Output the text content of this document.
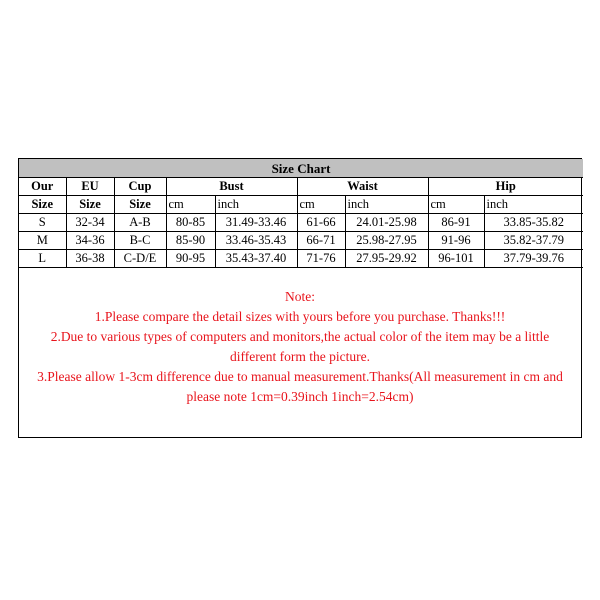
Size Chart								
Our	EU	Cup	Bust		Waist		Hip	
Size	Size	Size	cm	inch	cm	inch	cm	inch
S	32-34	A-B	80-85	31.49-33.46	61-66	24.01-25.98	86-91	33.85-35.82
M	34-36	B-C	85-90	33.46-35.43	66-71	25.98-27.95	91-96	35.82-37.79
L	36-38	C-D/E	90-95	35.43-37.40	71-76	27.95-29.92	96-101	37.79-39.76
Note:
1.Please compare the detail sizes with yours before you purchase. Thanks!!!
2.Due to various types of computers and monitors,the actual color of the item may be a little
different form the picture.
3.Please allow 1-3cm difference due to manual measurement.Thanks(All measurement in cm and
please note 1cm=0.39inch 1inch=2.54cm)
